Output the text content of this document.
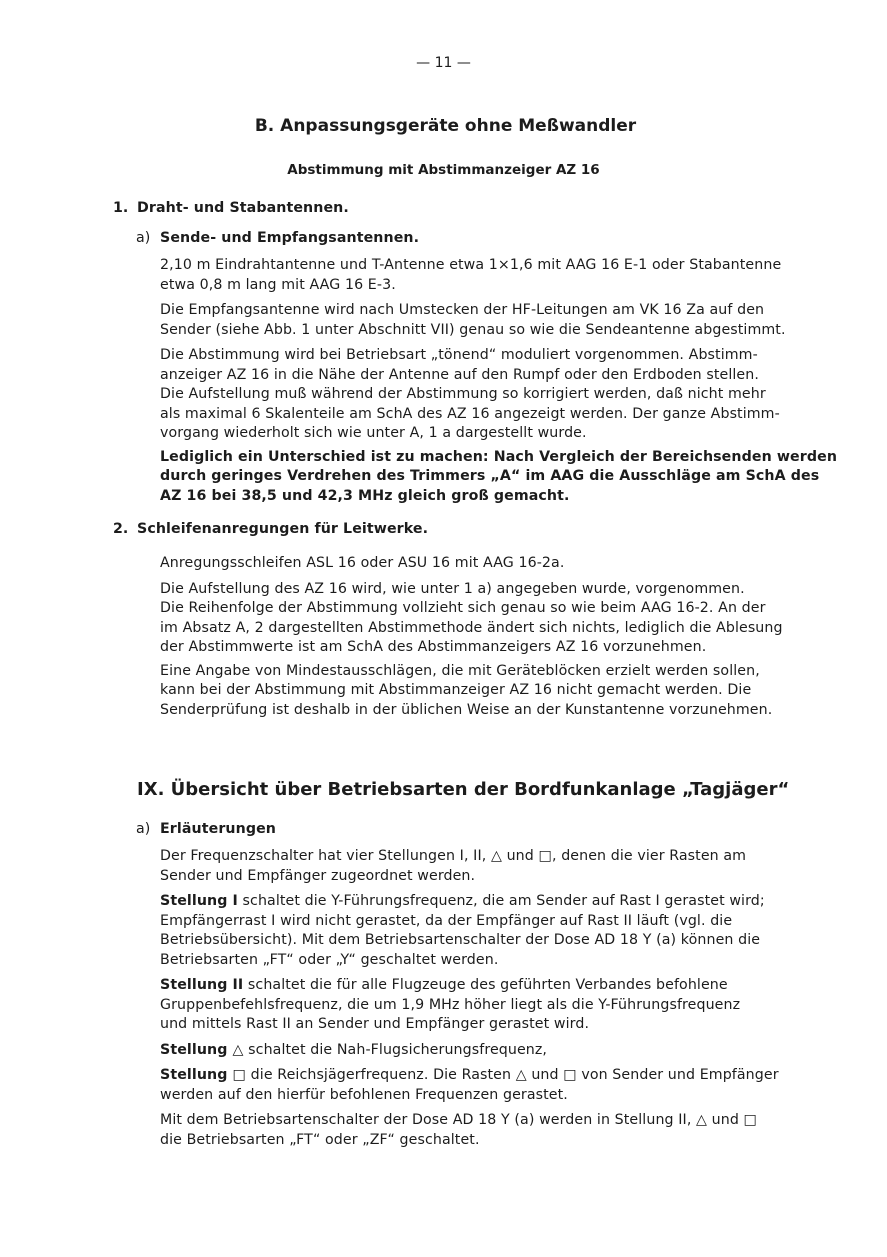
— 11 —
B. Anpassungsgeräte ohne Meßwandler
Abstimmung mit Abstimmanzeiger AZ 16
1. Draht- und Stabantennen.
a) Sende- und Empfangsantennen.
2,10 m Eindrahtantenne und T-Antenne etwa 1×1,6 mit AAG 16 E-1 oder Stabantenne
etwa 0,8 m lang mit AAG 16 E-3.
Die Empfangsantenne wird nach Umstecken der HF-Leitungen am VK 16 Za auf den
Sender (siehe Abb. 1 unter Abschnitt VII) genau so wie die Sendeantenne abgestimmt.
Die Abstimmung wird bei Betriebsart „tönend“ moduliert vorgenommen. Abstimm-
anzeiger AZ 16 in die Nähe der Antenne auf den Rumpf oder den Erdboden stellen.
Die Aufstellung muß während der Abstimmung so korrigiert werden, daß nicht mehr
als maximal 6 Skalenteile am SchA des AZ 16 angezeigt werden. Der ganze Abstimm-
vorgang wiederholt sich wie unter A, 1 a dargestellt wurde.
Lediglich ein Unterschied ist zu machen: Nach Vergleich der Bereichsenden werden
durch geringes Verdrehen des Trimmers „A“ im AAG die Ausschläge am SchA des
AZ 16 bei 38,5 und 42,3 MHz gleich groß gemacht.
2. Schleifenanregungen für Leitwerke.
Anregungsschleifen ASL 16 oder ASU 16 mit AAG 16-2a.
Die Aufstellung des AZ 16 wird, wie unter 1 a) angegeben wurde, vorgenommen.
Die Reihenfolge der Abstimmung vollzieht sich genau so wie beim AAG 16-2. An der
im Absatz A, 2 dargestellten Abstimmethode ändert sich nichts, lediglich die Ablesung
der Abstimmwerte ist am SchA des Abstimmanzeigers AZ 16 vorzunehmen.
Eine Angabe von Mindestausschlägen, die mit Geräteblöcken erzielt werden sollen,
kann bei der Abstimmung mit Abstimmanzeiger AZ 16 nicht gemacht werden. Die
Senderprüfung ist deshalb in der üblichen Weise an der Kunstantenne vorzunehmen.
IX. Übersicht über Betriebsarten der Bordfunkanlage „Tagjäger“
a) Erläuterungen
Der Frequenzschalter hat vier Stellungen I, II, △ und □, denen die vier Rasten am
Sender und Empfänger zugeordnet werden.
Stellung I schaltet die Y-Führungsfrequenz, die am Sender auf Rast I gerastet wird;
Empfängerrast I wird nicht gerastet, da der Empfänger auf Rast II läuft (vgl. die
Betriebsübersicht). Mit dem Betriebsartenschalter der Dose AD 18 Y (a) können die
Betriebsarten „FT“ oder „Y“ geschaltet werden.
Stellung II schaltet die für alle Flugzeuge des geführten Verbandes befohlene
Gruppenbefehlsfrequenz, die um 1,9 MHz höher liegt als die Y-Führungsfrequenz
und mittels Rast II an Sender und Empfänger gerastet wird.
Stellung △ schaltet die Nah-Flugsicherungsfrequenz,
Stellung □ die Reichsjägerfrequenz. Die Rasten △ und □ von Sender und Empfänger
werden auf den hierfür befohlenen Frequenzen gerastet.
Mit dem Betriebsartenschalter der Dose AD 18 Y (a) werden in Stellung II, △ und □
die Betriebsarten „FT“ oder „ZF“ geschaltet.
